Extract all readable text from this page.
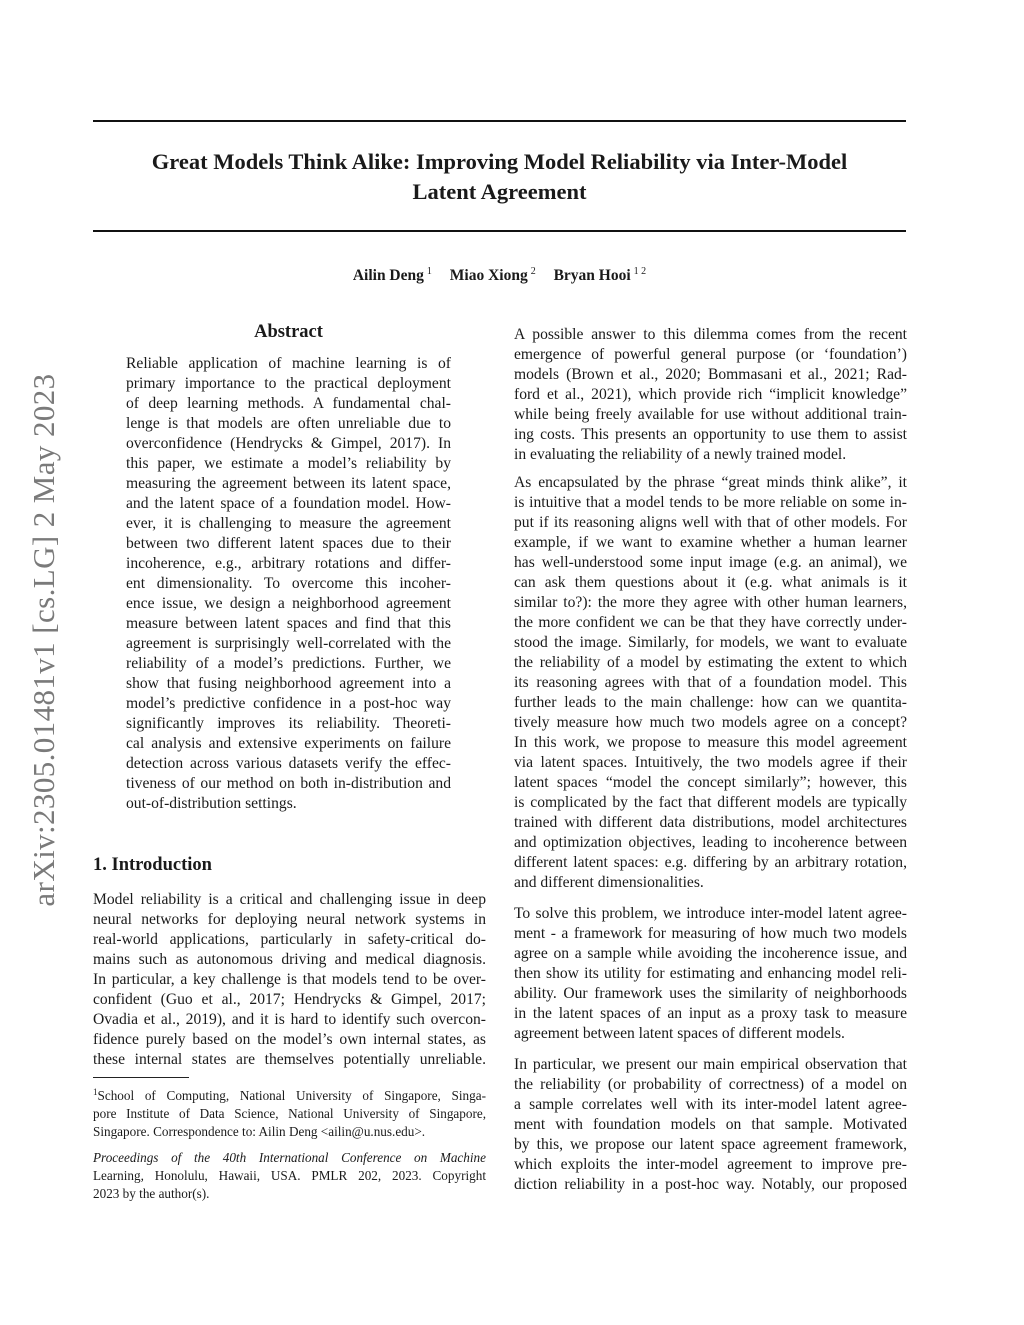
arXiv:2305.01481v1 [cs.LG] 2 May 2023
Great Models Think Alike: Improving Model Reliability via Inter-Model
Latent Agreement
Ailin Deng $^1$ Miao Xiong $^2$ Bryan Hooi $^{1 2}$
Abstract
Reliable application of machine learning is of
primary importance to the practical deployment
of deep learning methods. A fundamental chal-
lenge is that models are often unreliable due to
overconfidence (Hendrycks & Gimpel, 2017). In
this paper, we estimate a model’s reliability by
measuring the agreement between its latent space,
and the latent space of a foundation model. How-
ever, it is challenging to measure the agreement
between two different latent spaces due to their
incoherence, e.g., arbitrary rotations and differ-
ent dimensionality. To overcome this incoher-
ence issue, we design a neighborhood agreement
measure between latent spaces and find that this
agreement is surprisingly well-correlated with the
reliability of a model’s predictions. Further, we
show that fusing neighborhood agreement into a
model’s predictive confidence in a post-hoc way
significantly improves its reliability. Theoreti-
cal analysis and extensive experiments on failure
detection across various datasets verify the effec-
tiveness of our method on both in-distribution and
out-of-distribution settings.
1. Introduction
Model reliability is a critical and challenging issue in deep
neural networks for deploying neural network systems in
real-world applications, particularly in safety-critical do-
mains such as autonomous driving and medical diagnosis.
In particular, a key challenge is that models tend to be over-
confident (Guo et al., 2017; Hendrycks & Gimpel, 2017;
Ovadia et al., 2019), and it is hard to identify such overcon-
fidence purely based on the model’s own internal states, as
these internal states are themselves potentially unreliable.
$^1$School of Computing, National University of Singapore, Singa-
pore Institute of Data Science, National University of Singapore,
Singapore. Correspondence to: Ailin Deng <ailin@u.nus.edu>.
Proceedings of the 40th International Conference on Machine
Learning, Honolulu, Hawaii, USA. PMLR 202, 2023. Copyright
2023 by the author(s).
A possible answer to this dilemma comes from the recent
emergence of powerful general purpose (or ‘foundation’)
models (Brown et al., 2020; Bommasani et al., 2021; Rad-
ford et al., 2021), which provide rich “implicit knowledge”
while being freely available for use without additional train-
ing costs. This presents an opportunity to use them to assist
in evaluating the reliability of a newly trained model.
As encapsulated by the phrase “great minds think alike”, it
is intuitive that a model tends to be more reliable on some in-
put if its reasoning aligns well with that of other models. For
example, if we want to examine whether a human learner
has well-understood some input image (e.g. an animal), we
can ask them questions about it (e.g. what animals is it
similar to?): the more they agree with other human learners,
the more confident we can be that they have correctly under-
stood the image. Similarly, for models, we want to evaluate
the reliability of a model by estimating the extent to which
its reasoning agrees with that of a foundation model. This
further leads to the main challenge: how can we quantita-
tively measure how much two models agree on a concept?
In this work, we propose to measure this model agreement
via latent spaces. Intuitively, the two models agree if their
latent spaces “model the concept similarly”; however, this
is complicated by the fact that different models are typically
trained with different data distributions, model architectures
and optimization objectives, leading to incoherence between
different latent spaces: e.g. differing by an arbitrary rotation,
and different dimensionalities.
To solve this problem, we introduce inter-model latent agree-
ment - a framework for measuring of how much two models
agree on a sample while avoiding the incoherence issue, and
then show its utility for estimating and enhancing model reli-
ability. Our framework uses the similarity of neighborhoods
in the latent spaces of an input as a proxy task to measure
agreement between latent spaces of different models.
In particular, we present our main empirical observation that
the reliability (or probability of correctness) of a model on
a sample correlates well with its inter-model latent agree-
ment with foundation models on that sample. Motivated
by this, we propose our latent space agreement framework,
which exploits the inter-model agreement to improve pre-
diction reliability in a post-hoc way. Notably, our proposed
